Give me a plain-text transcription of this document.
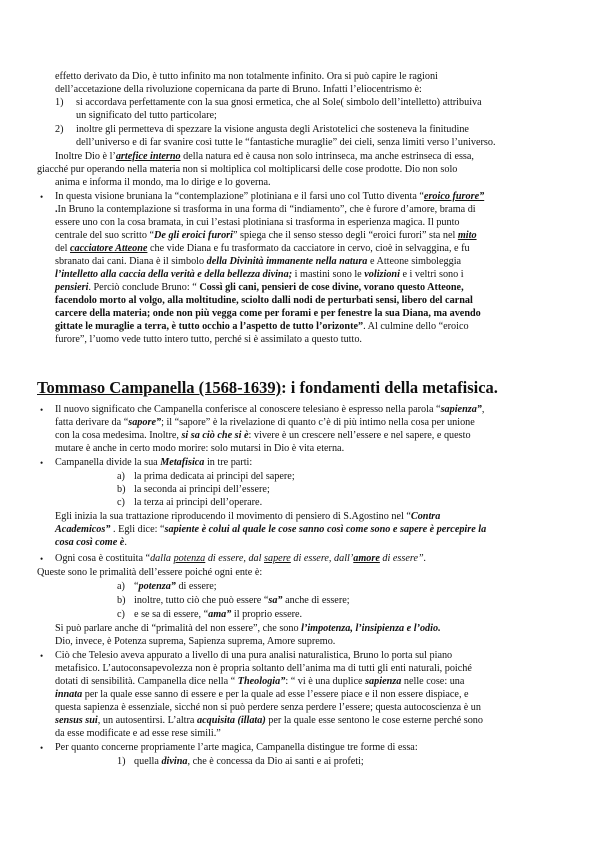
effetto derivato da Dio, è tutto infinito ma non totalmente infinito. Ora si può capire le ragioni
dell’accetazione della rivoluzione copernicana da parte di Bruno. Infatti l’eliocentrismo è:
1) si accordava perfettamente con la sua gnosi ermetica, che al Sole( simbolo dell’intelletto) attribuiva
un significato del tutto particolare;
2) inoltre gli permetteva di spezzare la visione angusta degli Aristotelici che sosteneva la finitudine
dell’universo e di far svanire così tutte le “fantastiche muraglie” dei cieli, senza limiti verso l’universo.
Inoltre Dio è l’artefice interno della natura ed è causa non solo intrinseca, ma anche estrinseca di essa,
giacché pur operando nella materia non si moltiplica col moltiplicarsi delle cose prodotte. Dio non solo
anima e informa il mondo, ma lo dirige e lo governa.
• In questa visione bruniana la “contemplazione” plotiniana e il farsi uno col Tutto diventa “eroico furore”
.In Bruno la contemplazione si trasforma in una forma di “indiamento”, che è furore d’amore, brama di
essere uno con la cosa bramata, in cui l’estasi plotiniana si trasforma in esperienza magica. Il punto
centrale del suo scritto “De gli eroici furori” spiega che il senso stesso degli “eroici furori” sta nel mito
del cacciatore Atteone che vide Diana e fu trasformato da cacciatore in cervo, cioè in selvaggina, e fu
sbranato dai cani. Diana è il simbolo della Divinità immanente nella natura e Atteone simboleggia
l’intelletto alla caccia della verità e della bellezza divina; i mastini sono le volizioni e i veltri sono i
pensieri. Perciò conclude Bruno: “ Cossì gli cani, pensieri de cose divine, vorano questo Atteone,
facendolo morto al volgo, alla moltitudine, sciolto dalli nodi de perturbati sensi, libero del carnal
carcere della materia; onde non più vegga come per forami e per fenestre la sua Diana, ma avendo
gittate le muraglie a terra, è tutto occhio a l’aspetto de tutto l’orizonte”. Al culmine dello “eroico
furore”, l’uomo vede tutto intero tutto, perché si è assimilato a questo tutto.
Tommaso Campanella (1568-1639): i fondamenti della metafisica.
• Il nuovo significato che Campanella conferisce al conoscere telesiano è espresso nella parola “sapienza”,
fatta derivare da “sapore”; il “sapore” è la rivelazione di quanto c’è di più intimo nella cosa per unione
con la cosa medesima. Inoltre, si sa ciò che si è: vivere è un crescere nell’essere e nel sapere, e questo
mutare è anche in certo modo morire: solo mutarsi in Dio è vita eterna.
• Campanella divide la sua Metafisica in tre parti:
a) la prima dedicata ai principi del sapere;
b) la seconda ai principi dell’essere;
c) la terza ai principi dell’operare.
Egli inizia la sua trattazione riproducendo il movimento di pensiero di S.Agostino nel “Contra
Academicos” . Egli dice: “sapiente è colui al quale le cose sanno così come sono e sapere è percepire la
cosa così come è.
• Ogni cosa è costituita “dalla potenza di essere, dal sapere di essere, dall’amore di essere”.
Queste sono le primalità dell’essere poiché ogni ente è:
a) “potenza” di essere;
b) inoltre, tutto ciò che può essere “sa” anche di essere;
c) e se sa di essere, “ama” il proprio essere.
Si può parlare anche di “primalità del non essere”, che sono l’impotenza, l’insipienza e l’odio.
Dio, invece, è Potenza suprema, Sapienza suprema, Amore supremo.
• Ciò che Telesio aveva appurato a livello di una pura analisi naturalistica, Bruno lo porta sul piano
metafisico. L’autoconsapevolezza non è propria soltanto dell’anima ma di tutti gli enti naturali, poiché
dotati di sensibilità. Campanella dice nella “ Theologia”: “ vi è una duplice sapienza nelle cose: una
innata per la quale esse sanno di essere e per la quale ad esse l’essere piace e il non essere dispiace, e
questa sapienza è essenziale, sicché non si può perdere senza perdere l’essere; questa autocoscienza è un
sensus sui, un autosentirsi. L’altra acquisita (illata) per la quale esse sentono le cose esterne perché sono
da esse modificate e ad esse rese simili.”
• Per quanto concerne propriamente l’arte magica, Campanella distingue tre forme di essa:
1) quella divina, che è concessa da Dio ai santi e ai profeti;
